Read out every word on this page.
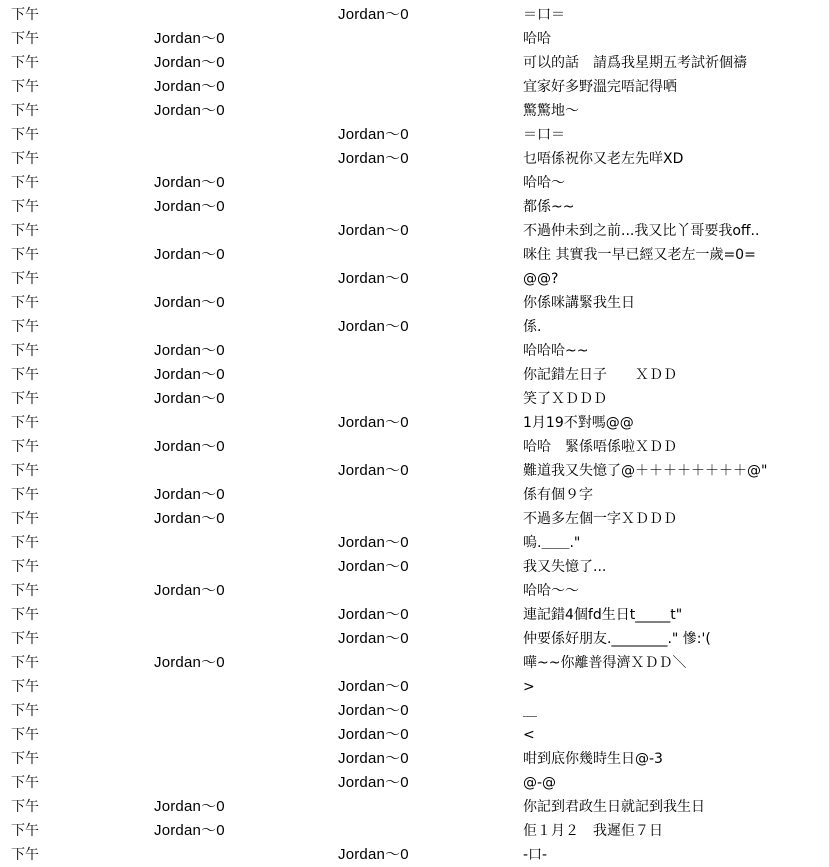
下午	Jordan～0	＝口＝
下午	Jordan～0	哈哈
下午	Jordan～0	可以的話　請爲我星期五考試祈個禱
下午	Jordan～0	宜家好多野溫完唔記得哂
下午	Jordan～0	驚驚地～
下午	Jordan～0	＝口＝
下午	Jordan～0	乜唔係祝你又老左先咩XD
下午	Jordan～0	哈哈～
下午	Jordan～0	都係~~
下午	Jordan～0	不過仲未到之前...我又比丫哥要我off..
下午	Jordan～0	咪住 其實我一早已經又老左一歲=0=
下午	Jordan～0	@@?
下午	Jordan～0	你係咪講緊我生日
下午	Jordan～0	係.
下午	Jordan～0	哈哈哈~~
下午	Jordan～0	你記錯左日子　　ＸＤＤ
下午	Jordan～0	笑了ＸＤＤＤ
下午	Jordan～0	1月19不對嗎@@
下午	Jordan～0	哈哈　緊係唔係啦ＸＤＤ
下午	Jordan～0	難道我又失憶了@＋＋＋＋＋＋＋＋@"
下午	Jordan～0	係有個９字
下午	Jordan～0	不過多左個一字ＸＤＤＤ
下午	Jordan～0	嗚.＿＿."
下午	Jordan～0	我又失憶了...
下午	Jordan～0	哈哈～～
下午	Jordan～0	連記錯4個fd生日t_____t"
下午	Jordan～0	仲要係好朋友.________." 慘:'(
下午	Jordan～0	嘩~~你離普得濟ＸＤＤ＼
下午	Jordan～0	>
下午	Jordan～0	＿
下午	Jordan～0	<
下午	Jordan～0	咁到底你幾時生日@-3
下午	Jordan～0	@-@
下午	Jordan～0	你記到君政生日就記到我生日
下午	Jordan～0	佢１月２　我遲佢７日
下午	Jordan～0	-口-
